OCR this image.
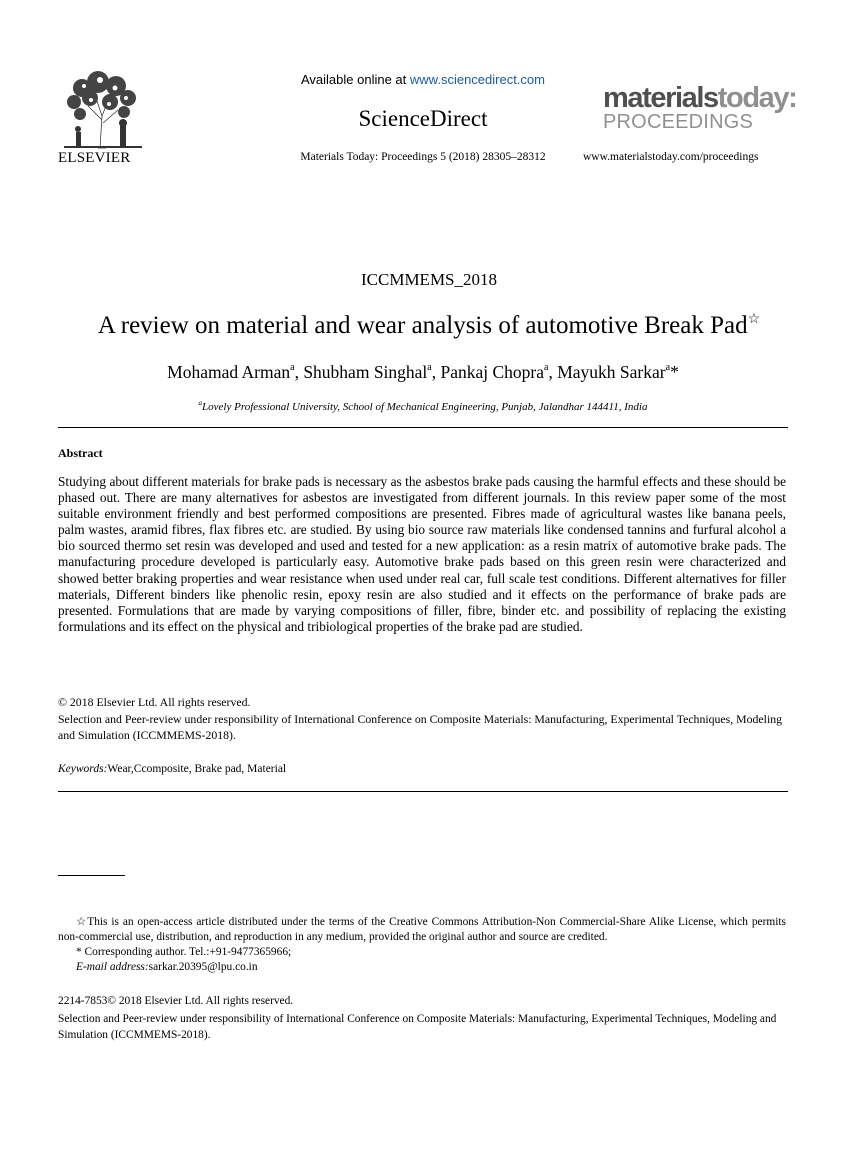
Available online at www.sciencedirect.com
ScienceDirect
Materials Today: Proceedings 5 (2018) 28305–28312	www.materialstoday.com/proceedings
ELSEVIER
materialstoday:
PROCEEDINGS
ICCMMEMS_2018
A review on material and wear analysis of automotive Break Pad☆
Mohamad Arman$^a$, Shubham Singhal$^a$, Pankaj Chopra$^a$, Mayukh Sarkar$^a$*
$^a$Lovely Professional University, School of Mechanical Engineering, Punjab, Jalandhar 144411, India
Abstract
Studying about different materials for brake pads is necessary as the asbestos brake pads causing the harmful effects and these should be phased out. There are many alternatives for asbestos are investigated from different journals. In this review paper some of the most suitable environment friendly and best performed compositions are presented. Fibres made of agricultural wastes like banana peels, palm wastes, aramid fibres, flax fibres etc. are studied. By using bio source raw materials like condensed tannins and furfural alcohol a bio sourced thermo set resin was developed and used and tested for a new application: as a resin matrix of automotive brake pads. The manufacturing procedure developed is particularly easy. Automotive brake pads based on this green resin were characterized and showed better braking properties and wear resistance when used under real car, full scale test conditions. Different alternatives for filler materials, Different binders like phenolic resin, epoxy resin are also studied and it effects on the performance of brake pads are presented. Formulations that are made by varying compositions of filler, fibre, binder etc. and possibility of replacing the existing formulations and its effect on the physical and tribiological properties of the brake pad are studied.
© 2018 Elsevier Ltd. All rights reserved.
Selection and Peer-review under responsibility of International Conference on Composite Materials: Manufacturing, Experimental Techniques, Modeling and Simulation (ICCMMEMS-2018).
Keywords:Wear,Ccomposite, Brake pad, Material
☆This is an open-access article distributed under the terms of the Creative Commons Attribution-Non Commercial-Share Alike License, which permits non-commercial use, distribution, and reproduction in any medium, provided the original author and source are credited.
* Corresponding author. Tel.:+91-9477365966;
E-mail address:sarkar.20395@lpu.co.in
2214-7853© 2018 Elsevier Ltd. All rights reserved.
Selection and Peer-review under responsibility of International Conference on Composite Materials: Manufacturing, Experimental Techniques, Modeling and Simulation (ICCMMEMS-2018).
